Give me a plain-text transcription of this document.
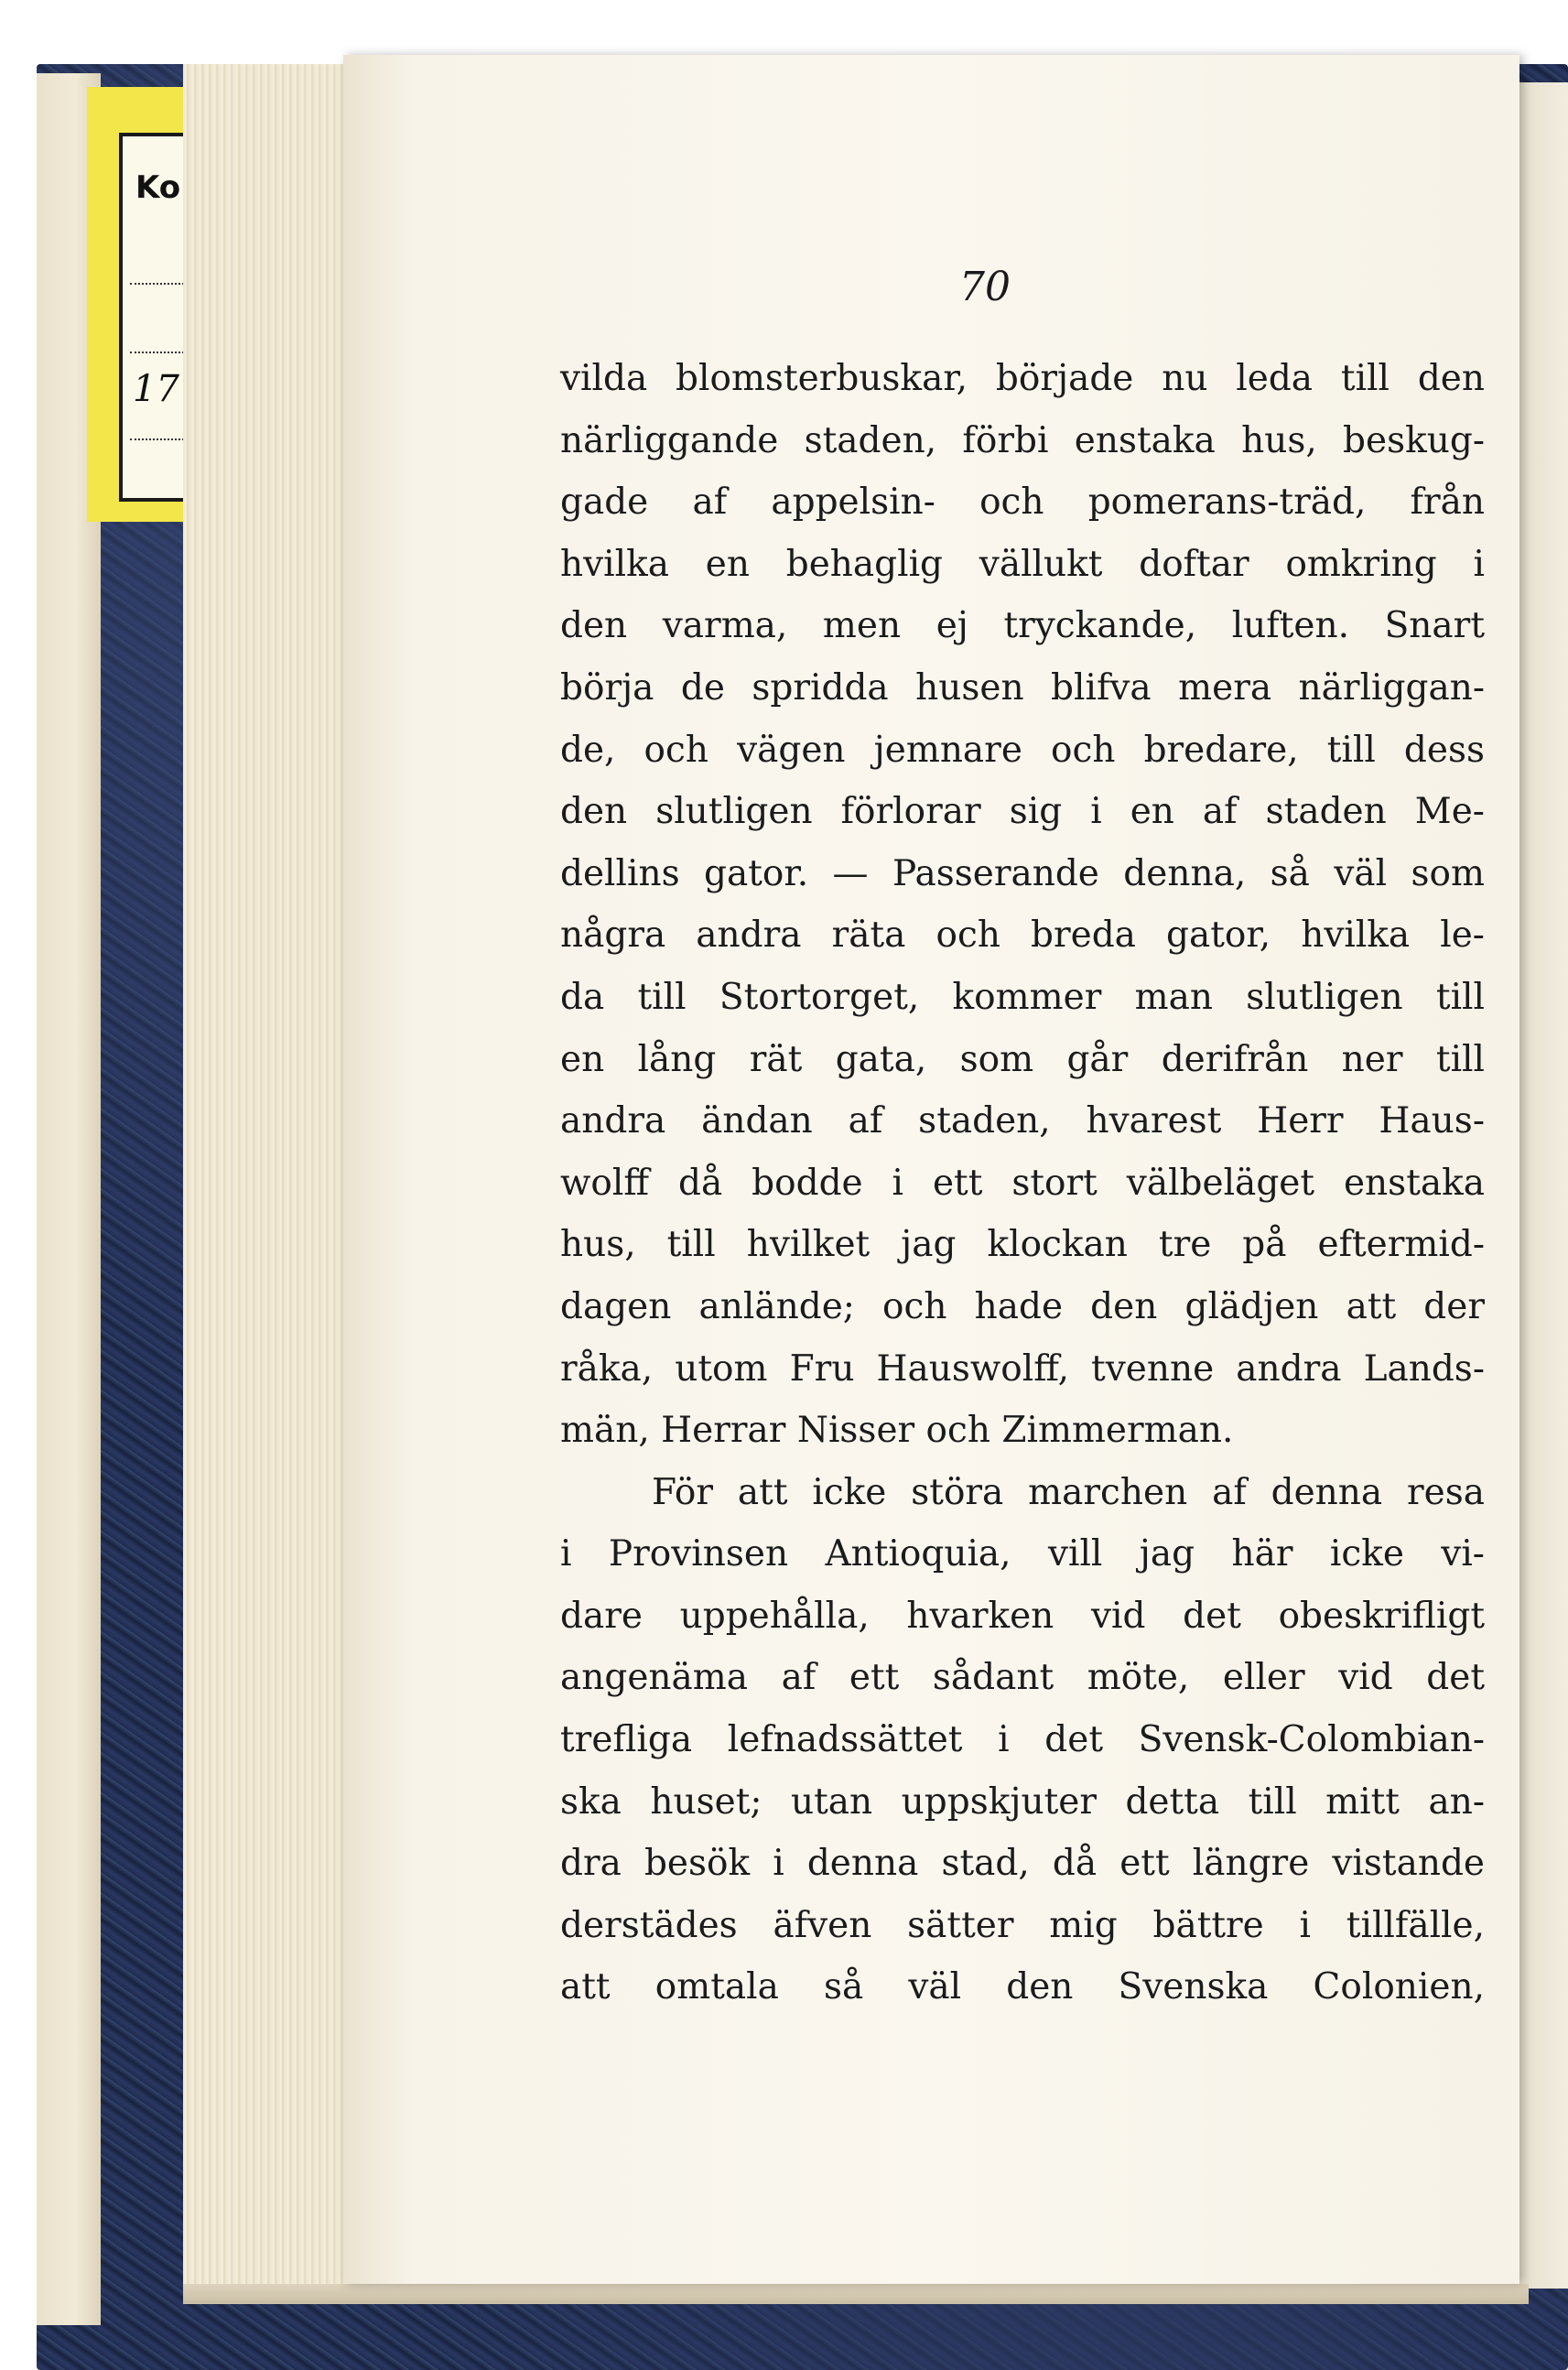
Ko
17
70
vilda blomsterbuskar, började nu leda till den
närliggande staden, förbi enstaka hus, beskug-
gade af appelsin- och pomerans-träd, från
hvilka en behaglig vällukt doftar omkring i
den varma, men ej tryckande, luften. Snart
börja de spridda husen blifva mera närliggan-
de, och vägen jemnare och bredare, till dess
den slutligen förlorar sig i en af staden Me-
dellins gator. — Passerande denna, så väl som
några andra räta och breda gator, hvilka le-
da till Stortorget, kommer man slutligen till
en lång rät gata, som går derifrån ner till
andra ändan af staden, hvarest Herr Haus-
wolff då bodde i ett stort välbeläget enstaka
hus, till hvilket jag klockan tre på eftermid-
dagen anlände; och hade den glädjen att der
råka, utom Fru Hauswolff, tvenne andra Lands-
män, Herrar Nisser och Zimmerman.
För att icke störa marchen af denna resa
i Provinsen Antioquia, vill jag här icke vi-
dare uppehålla, hvarken vid det obeskrifligt
angenäma af ett sådant möte, eller vid det
trefliga lefnadssättet i det Svensk-Colombian-
ska huset; utan uppskjuter detta till mitt an-
dra besök i denna stad, då ett längre vistande
derstädes äfven sätter mig bättre i tillfälle,
att omtala så väl den Svenska Colonien,
